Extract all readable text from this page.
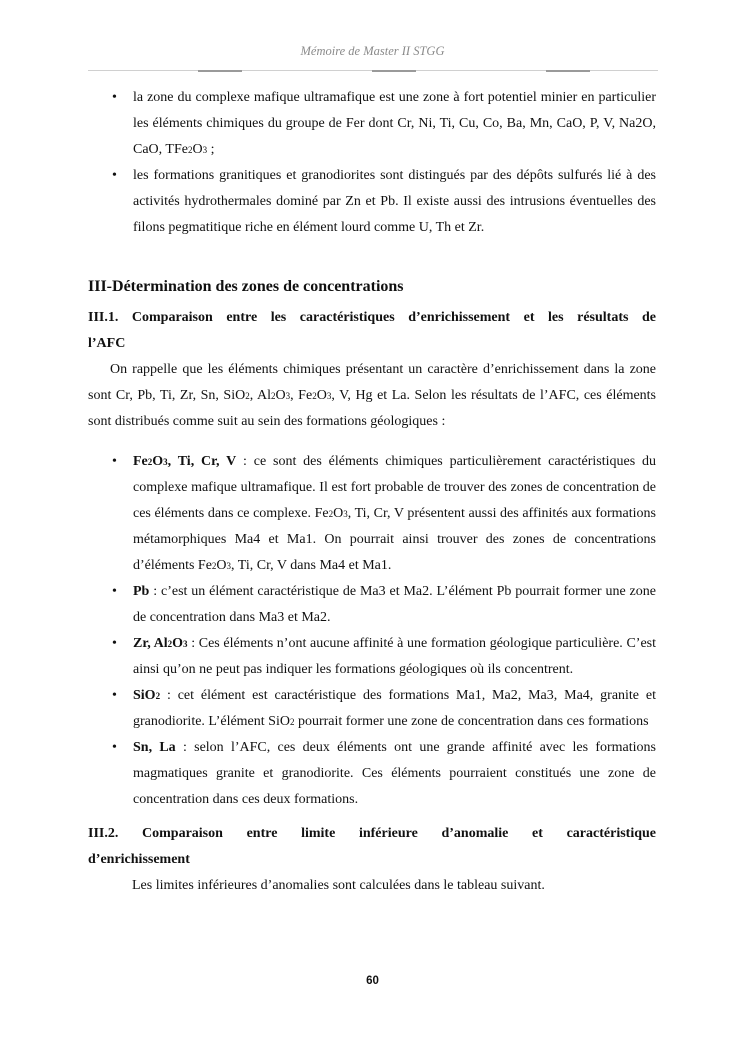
Mémoire de Master II STGG

• la zone du complexe mafique ultramafique est une zone à fort potentiel minier en particulier les éléments chimiques du groupe de Fer dont Cr, Ni, Ti, Cu, Co, Ba, Mn, CaO, P, V, Na2O, CaO, TFe2O3 ;

• les formations granitiques et granodiorites sont distingués par des dépôts sulfurés lié à des activités hydrothermales dominé par Zn et Pb. Il existe aussi des intrusions éventuelles des filons pegmatitique riche en élément lourd comme U, Th et Zr.

III-Détermination des zones de concentrations
III.1. Comparaison entre les caractéristiques d’enrichissement et les résultats de
l’AFC

On rappelle que les éléments chimiques présentant un caractère d’enrichissement dans la zone sont Cr, Pb, Ti, Zr, Sn, SiO2, Al2O3, Fe2O3, V, Hg et La. Selon les résultats de l’AFC, ces éléments sont distribués comme suit au sein des formations géologiques :

• Fe2O3, Ti, Cr, V : ce sont des éléments chimiques particulièrement caractéristiques du complexe mafique ultramafique. Il est fort probable de trouver des zones de concentration de ces éléments dans ce complexe. Fe2O3, Ti, Cr, V présentent aussi des affinités aux formations métamorphiques Ma4 et Ma1. On pourrait ainsi trouver des zones de concentrations d’éléments Fe2O3, Ti, Cr, V dans Ma4 et Ma1.

• Pb : c’est un élément caractéristique de Ma3 et Ma2. L’élément Pb pourrait former une zone de concentration dans Ma3 et Ma2.

• Zr, Al2O3 : Ces éléments n’ont aucune affinité à une formation géologique particulière. C’est ainsi qu’on ne peut pas indiquer les formations géologiques où ils concentrent.

• SiO2 : cet élément est caractéristique des formations Ma1, Ma2, Ma3, Ma4, granite et granodiorite. L’élément SiO2 pourrait former une zone de concentration dans ces formations

• Sn, La : selon l’AFC, ces deux éléments ont une grande affinité avec les formations magmatiques granite et granodiorite. Ces éléments pourraient constitués une zone de concentration dans ces deux formations.

III.2. Comparaison entre limite inférieure d’anomalie et caractéristique
d’enrichissement

Les limites inférieures d’anomalies sont calculées dans le tableau suivant.

60
